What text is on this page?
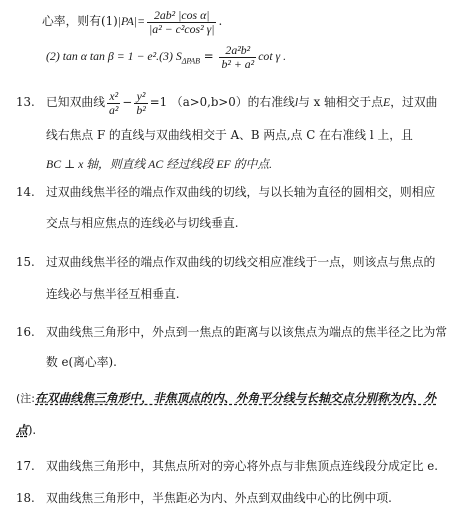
心率，则有$(1)|PA|= \frac{\text{2ab² |cos α|}}{\text{|a² − c²cos² γ|}}$ .
(2) tan α tan β = 1 − e².(3) $S_{\Delta PAB} = \frac{\text{2a²b²}}{\text{b² + a²}}$ cot γ .
13. 已知双曲线 $\frac{\text{x²}}{\text{a²}} - \frac{\text{y²}}{\text{b²}} =1$ （a>0,b>0）的右准线l与 x 轴相交于点E，过双曲
线右焦点 F 的直线与双曲线相交于 A、B 两点,点 C 在右准线 l 上，且
BC ⊥ x 轴，则直线 AC 经过线段 EF 的中点.
14. 过双曲线焦半径的端点作双曲线的切线，与以长轴为直径的圆相交，则相应
交点与相应焦点的连线必与切线垂直.
15. 过双曲线焦半径的端点作双曲线的切线交相应准线于一点，则该点与焦点的
连线必与焦半径互相垂直.
16. 双曲线焦三角形中，外点到一焦点的距离与以该焦点为端点的焦半径之比为常
数 e(离心率).
(注:在双曲线焦三角形中，非焦顶点的内、外角平分线与长轴交点分别称为内、外
点).
17. 双曲线焦三角形中，其焦点所对的旁心将外点与非焦顶点连线段分成定比 e.
18. 双曲线焦三角形中，半焦距必为内、外点到双曲线中心的比例中项.
